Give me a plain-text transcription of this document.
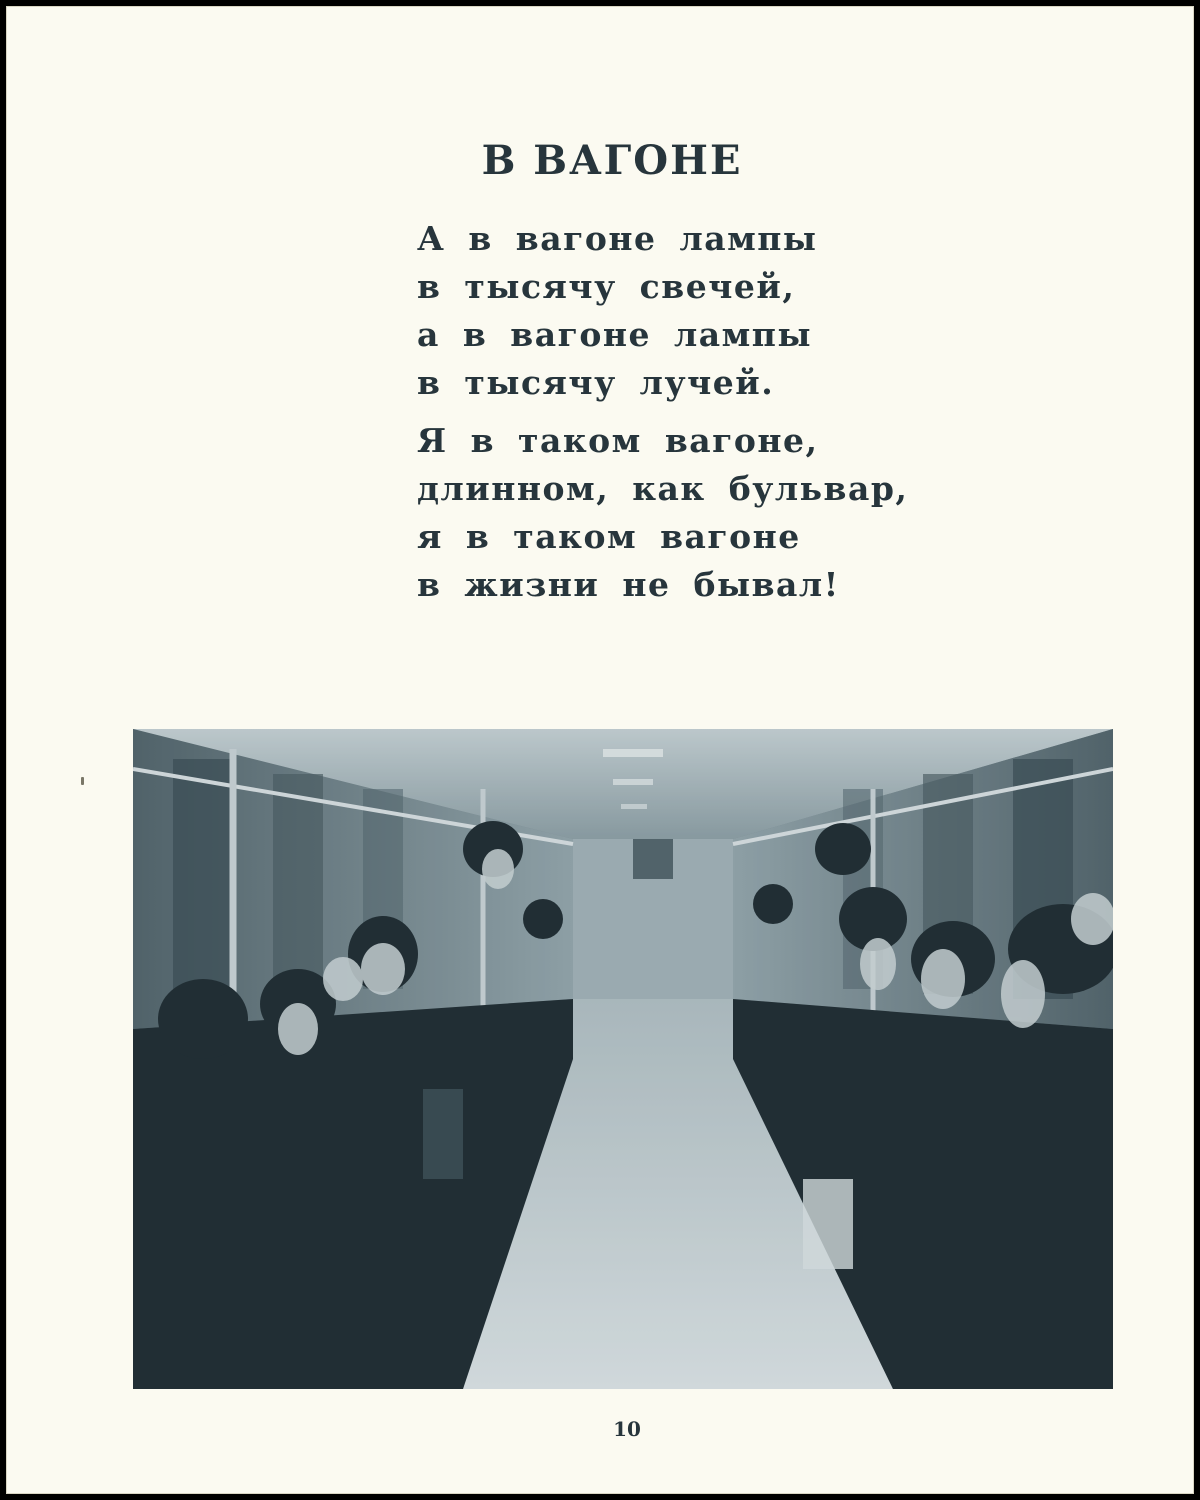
В ВАГОНЕ
А в вагоне лампы
в тысячу свечей,
а в вагоне лампы
в тысячу лучей.
Я в таком вагоне,
длинном, как бульвар,
я в таком вагоне
в жизни не бывал!
10
